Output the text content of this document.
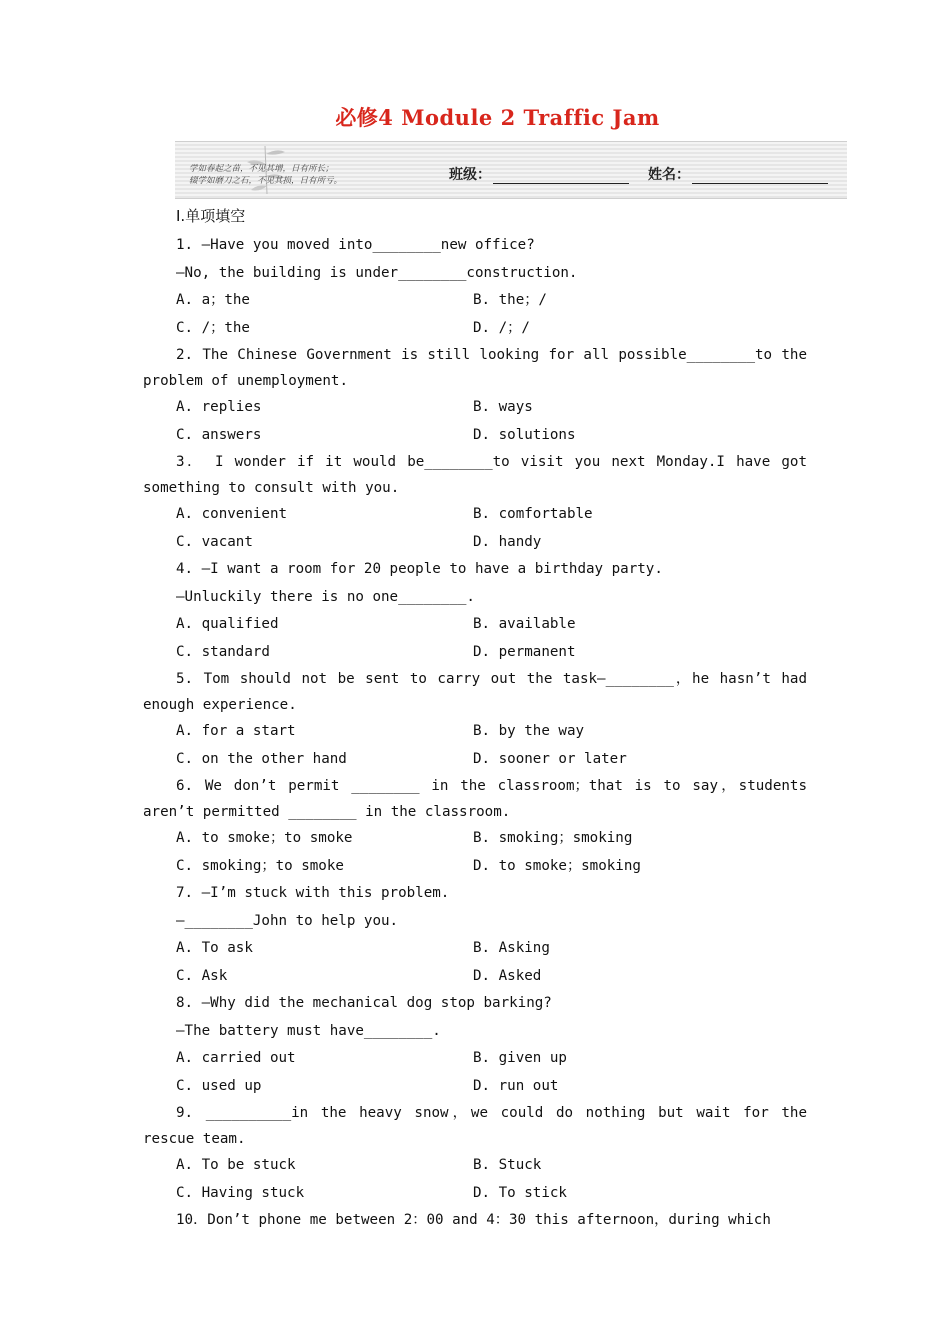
必修4 Module 2 Traffic Jam
学如春起之苗，不见其增，日有所长；
辍学如磨刀之石，不见其损，日有所亏。	班级：	姓名：
I.单项填空
1. —Have you moved into________new office?
—No, the building is under________construction.
A. a；the	B. the；/
C. /；the	D. /；/
2. The Chinese Government is still looking for all possible________to the problem of unemployment.
A. replies	B. ways
C. answers	D. solutions
3． I wonder if it would be________to visit you next Monday.I have got something to consult with you.
A. convenient	B. comfortable
C. vacant	D. handy
4. —I want a room for 20 people to have a birthday party.
—Unluckily there is no one________.
A. qualified	B. available
C. standard	D. permanent
5. Tom should not be sent to carry out the task—________，he hasn’t had enough experience.
A. for a start	B. by the way
C. on the other hand	D. sooner or later
6. We don’t permit ________ in the classroom；that is to say，students aren’t permitted ________ in the classroom.
A. to smoke；to smoke	B. smoking；smoking
C. smoking；to smoke	D. to smoke；smoking
7. —I’m stuck with this problem.
—________John to help you.
A. To ask	B. Asking
C. Ask	D. Asked
8. —Why did the mechanical dog stop barking?
—The battery must have________.
A. carried out	B. given up
C. used up	D. run out
9. __________in the heavy snow，we could do nothing but wait for the rescue team.
A. To be stuck	B. Stuck
C. Having stuck	D. To stick
10．Don’t phone me between 2：00 and 4：30 this afternoon，during which
